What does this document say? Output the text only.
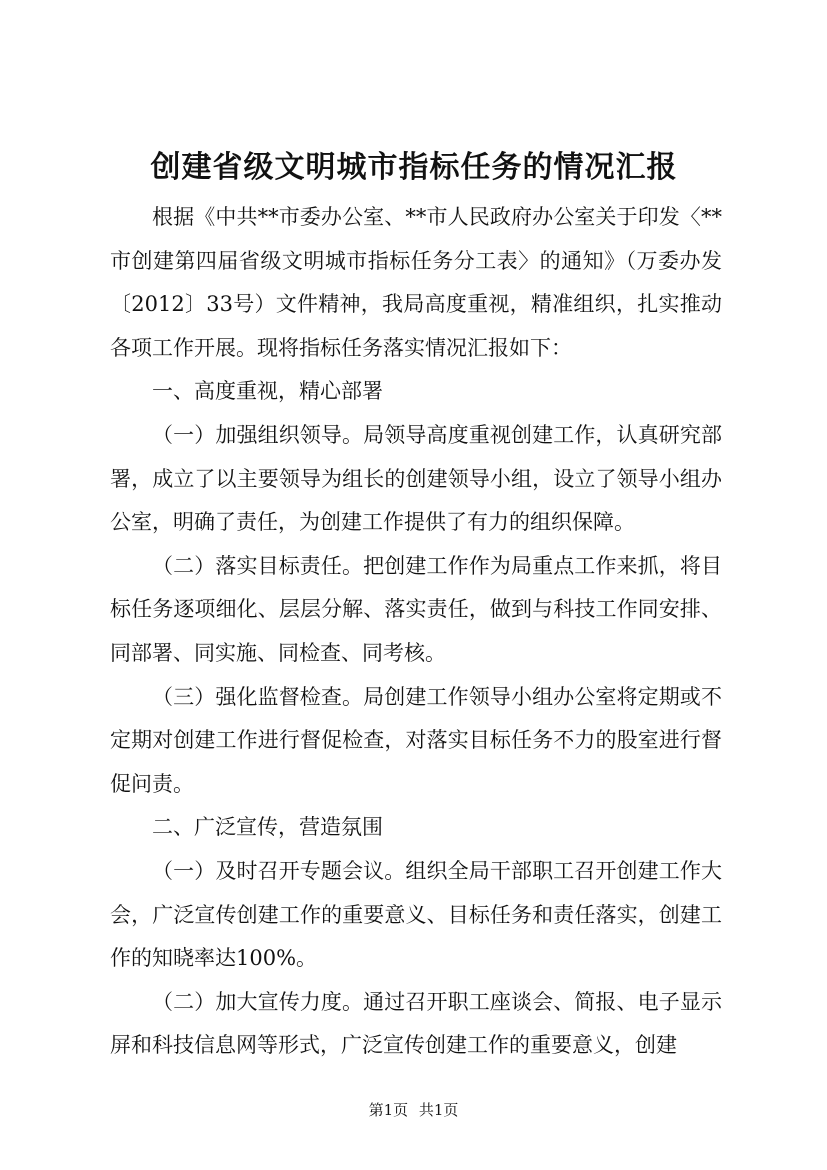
创建省级文明城市指标任务的情况汇报

根据《中共**市委办公室、**市人民政府办公室关于印发〈**市创建第四届省级文明城市指标任务分工表〉的通知》（万委办发〔2012〕33号）文件精神，我局高度重视，精准组织，扎实推动各项工作开展。现将指标任务落实情况汇报如下：

一、高度重视，精心部署

（一）加强组织领导。局领导高度重视创建工作，认真研究部署，成立了以主要领导为组长的创建领导小组，设立了领导小组办公室，明确了责任，为创建工作提供了有力的组织保障。

（二）落实目标责任。把创建工作作为局重点工作来抓，将目标任务逐项细化、层层分解、落实责任，做到与科技工作同安排、同部署、同实施、同检查、同考核。

（三）强化监督检查。局创建工作领导小组办公室将定期或不定期对创建工作进行督促检查，对落实目标任务不力的股室进行督促问责。

二、广泛宣传，营造氛围

（一）及时召开专题会议。组织全局干部职工召开创建工作大会，广泛宣传创建工作的重要意义、目标任务和责任落实，创建工作的知晓率达100%。

（二）加大宣传力度。通过召开职工座谈会、简报、电子显示屏和科技信息网等形式，广泛宣传创建工作的重要意义，创建

第1页 共1页
